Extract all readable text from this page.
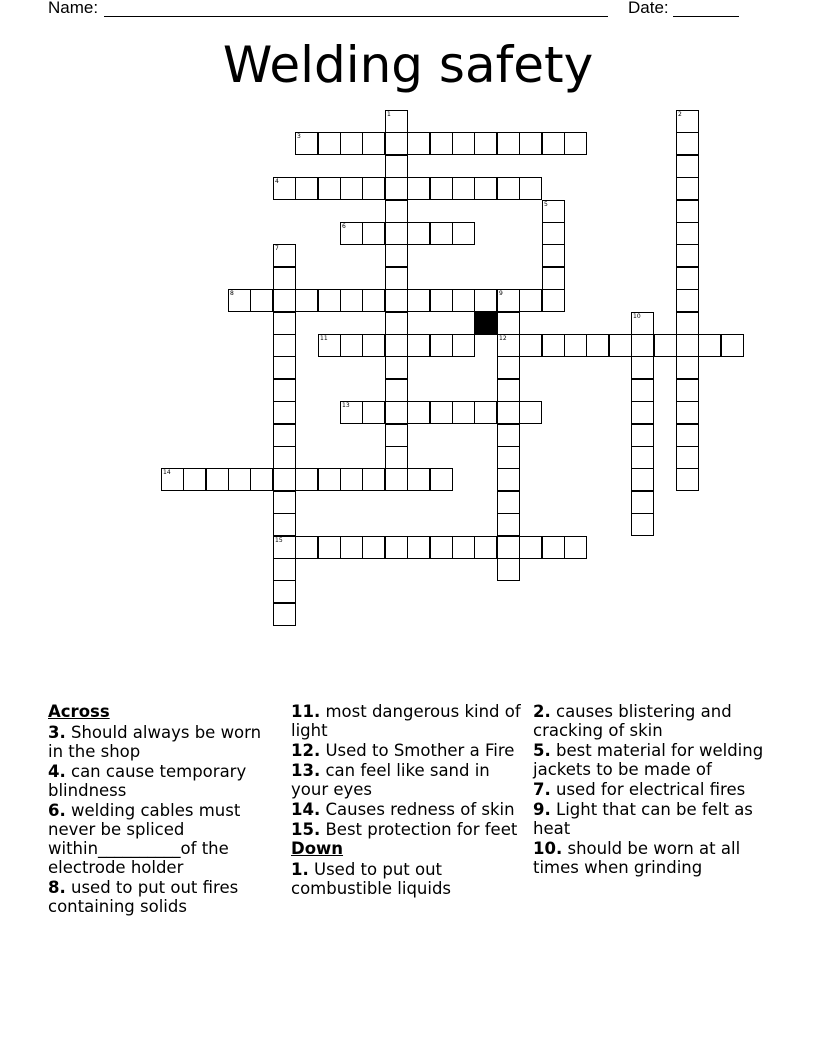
Name:	Date:
Welding safety
1	2
3
4
5
6
7
15
8	9
12
10
11
13
14
Across
3. Should always be worn in the shop
4. can cause temporary blindness
6. welding cables must never be spliced within__________of the electrode holder
8. used to put out fires containing solids
11. most dangerous kind of light
12. Used to Smother a Fire
13. can feel like sand in your eyes
14. Causes redness of skin
15. Best protection for feet
Down
1. Used to put out combustible liquids
2. causes blistering and cracking of skin
5. best material for welding jackets to be made of
7. used for electrical fires
9. Light that can be felt as heat
10. should be worn at all times when grinding
